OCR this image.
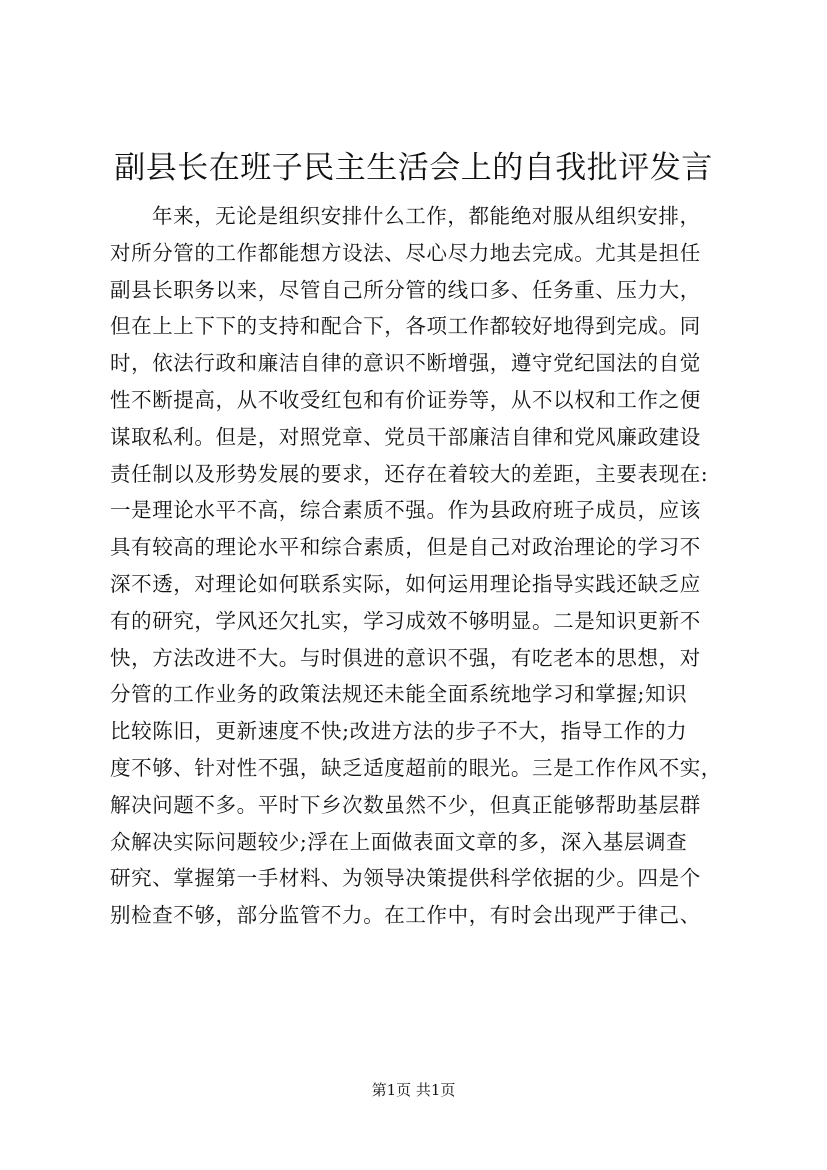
副县长在班子民主生活会上的自我批评发言
年来，无论是组织安排什么工作，都能绝对服从组织安排，
对所分管的工作都能想方设法、尽心尽力地去完成。尤其是担任
副县长职务以来，尽管自己所分管的线口多、任务重、压力大，
但在上上下下的支持和配合下，各项工作都较好地得到完成。同
时，依法行政和廉洁自律的意识不断增强，遵守党纪国法的自觉
性不断提高，从不收受红包和有价证券等，从不以权和工作之便
谋取私利。但是，对照党章、党员干部廉洁自律和党风廉政建设
责任制以及形势发展的要求，还存在着较大的差距，主要表现在:
一是理论水平不高，综合素质不强。作为县政府班子成员，应该
具有较高的理论水平和综合素质，但是自己对政治理论的学习不
深不透，对理论如何联系实际，如何运用理论指导实践还缺乏应
有的研究，学风还欠扎实，学习成效不够明显。二是知识更新不
快，方法改进不大。与时俱进的意识不强，有吃老本的思想，对
分管的工作业务的政策法规还未能全面系统地学习和掌握;知识
比较陈旧，更新速度不快;改进方法的步子不大，指导工作的力
度不够、针对性不强，缺乏适度超前的眼光。三是工作作风不实，
解决问题不多。平时下乡次数虽然不少，但真正能够帮助基层群
众解决实际问题较少;浮在上面做表面文章的多，深入基层调查
研究、掌握第一手材料、为领导决策提供科学依据的少。四是个
别检查不够，部分监管不力。在工作中，有时会出现严于律己、
第1页 共1页
